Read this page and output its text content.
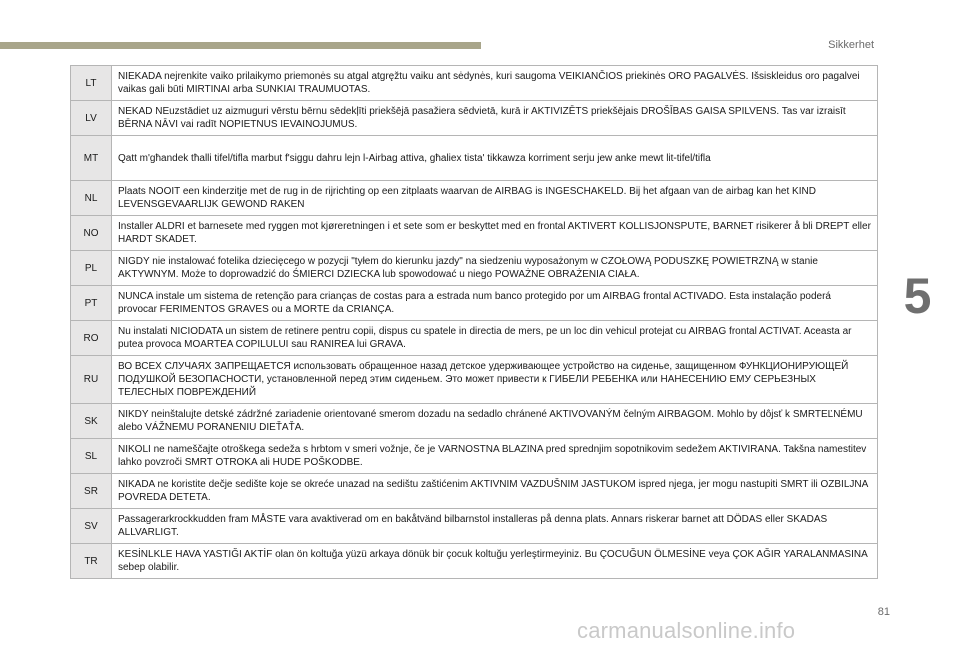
Sikkerhet
5
LT	NIEKADA nejrenkite vaiko prilaikymo priemonės su atgal atgręžtu vaiku ant sėdynės, kuri saugoma VEIKIANČIOS priekinės ORO PAGALVĖS. Išsiskleidus oro pagalvei vaikas gali būti MIRTINAI arba SUNKIAI TRAUMUOTAS.
LV	NEKAD NEuzstādiet uz aizmuguri vērstu bērnu sēdekļīti priekšējā pasažiera sēdvietā, kurā ir AKTIVIZĒTS priekšējais DROŠĪBAS GAISA SPILVENS. Tas var izraisīt BĒRNA NĀVI vai radīt NOPIETNUS IEVAINOJUMUS.
MT	Qatt m'għandek tħalli tifel/tifla marbut f'siggu dahru lejn l-Airbag attiva, għaliex tista' tikkawza korriment serju jew anke mewt lit-tifel/tifla
NL	Plaats NOOIT een kinderzitje met de rug in de rijrichting op een zitplaats waarvan de AIRBAG is INGESCHAKELD. Bij het afgaan van de airbag kan het KIND LEVENSGEVAARLIJK GEWOND RAKEN
NO	Installer ALDRI et barnesete med ryggen mot kjøreretningen i et sete som er beskyttet med en frontal AKTIVERT KOLLISJONSPUTE, BARNET risikerer å bli DREPT eller HARDT SKADET.
PL	NIGDY nie instalować fotelika dziecięcego w pozycji "tyłem do kierunku jazdy" na siedzeniu wyposażonym w CZOŁOWĄ PODUSZKĘ POWIETRZNĄ w stanie AKTYWNYM. Może to doprowadzić do ŚMIERCI DZIECKA lub spowodować u niego POWAŻNE OBRAŻENIA CIAŁA.
PT	NUNCA instale um sistema de retenção para crianças de costas para a estrada num banco protegido por um AIRBAG frontal ACTIVADO. Esta instalação poderá provocar FERIMENTOS GRAVES ou a MORTE da CRIANÇA.
RO	Nu instalati NICIODATA un sistem de retinere pentru copii, dispus cu spatele in directia de mers, pe un loc din vehicul protejat cu AIRBAG frontal ACTIVAT. Aceasta ar putea provoca MOARTEA COPILULUI sau RANIREA lui GRAVA.
RU	ВО ВСЕХ СЛУЧАЯХ ЗАПРЕЩАЕТСЯ использовать обращенное назад детское удерживающее устройство на сиденье, защищенном ФУНКЦИОНИРУЮЩЕЙ ПОДУШКОЙ БЕЗОПАСНОСТИ, установленной перед этим сиденьем. Это может привести к ГИБЕЛИ РЕБЕНКА или НАНЕСЕНИЮ ЕМУ СЕРЬЕЗНЫХ ТЕЛЕСНЫХ ПОВРЕЖДЕНИЙ
SK	NIKDY neinštalujte detské zádržné zariadenie orientované smerom dozadu na sedadlo chránené AKTIVOVANÝM čelným AIRBAGOM. Mohlo by dôjsť k SMRTEĽNÉMU alebo VÁŽNEMU PORANENIU DIEŤAŤA.
SL	NIKOLI ne nameščajte otroškega sedeža s hrbtom v smeri vožnje, če je VARNOSTNA BLAZINA pred sprednjim sopotnikovim sedežem AKTIVIRANA. Takšna namestitev lahko povzroči SMRT OTROKA ali HUDE POŠKODBE.
SR	NIKADA ne koristite dečje sedište koje se okreće unazad na sedištu zaštićenim AKTIVNIM VAZDUŠNIM JASTUKOM ispred njega, jer mogu nastupiti SMRT ili OZBILJNA POVREDA DETETA.
SV	Passagerarkrockkudden fram MÅSTE vara avaktiverad om en bakåtvänd bilbarnstol installeras på denna plats. Annars riskerar barnet att DÖDAS eller SKADAS ALLVARLIGT.
TR	KESİNLKLE HAVA YASTIĞI AKTİF olan ön koltuğa yüzü arkaya dönük bir çocuk koltuğu yerleştirmeyiniz. Bu ÇOCUĞUN ÖLMESİNE veya ÇOK AĞIR YARALANMASINA sebep olabilir.
81
carmanualsonline.info
